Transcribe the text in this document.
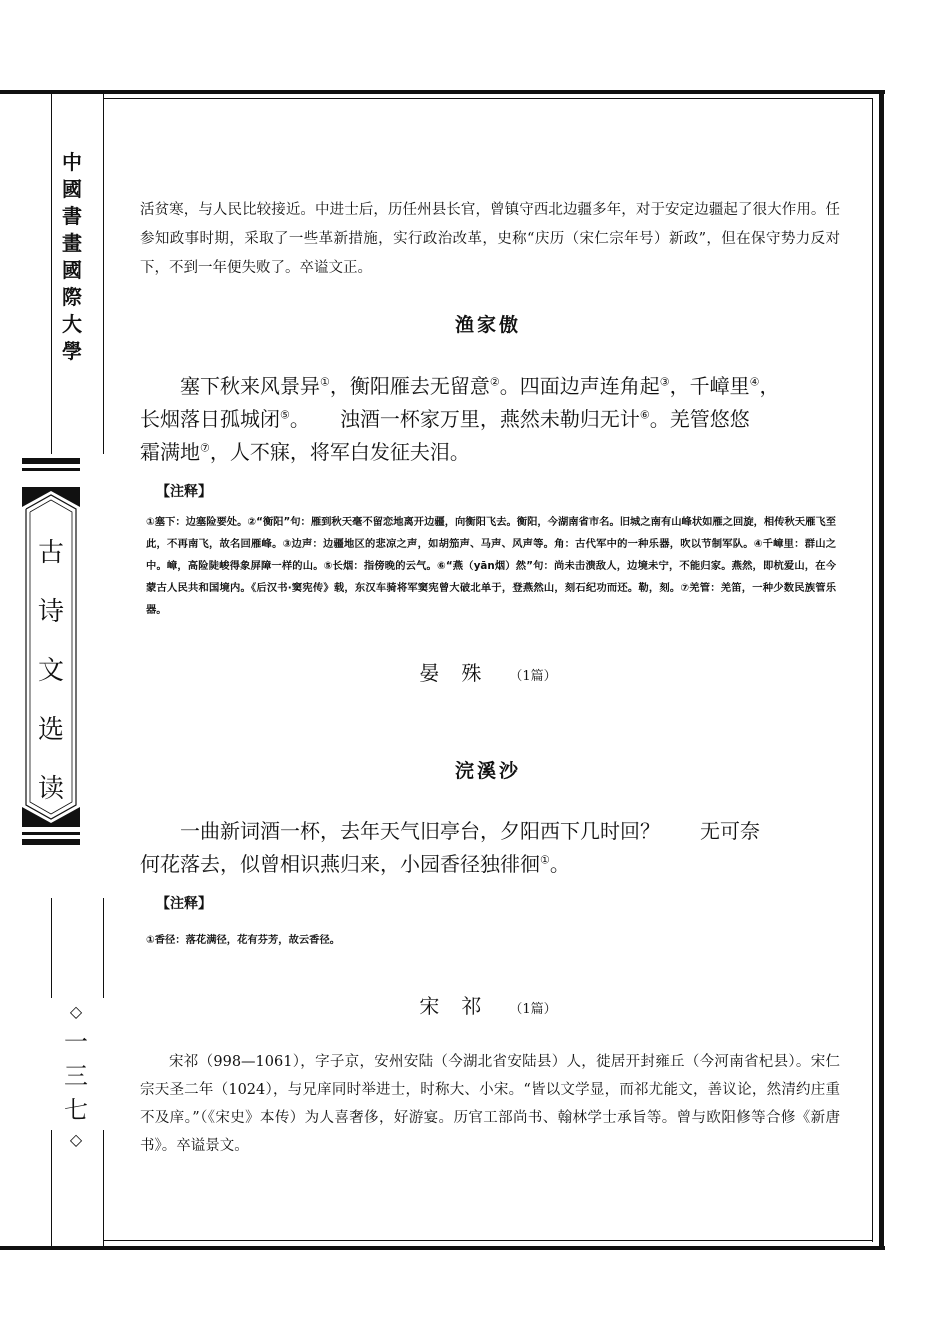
中
國
書
畫
國
際
大
學
古
诗
文
选
读
◇
一
三
七
◇

活贫寒，与人民比较接近。中进士后，历任州县长官，曾镇守西北边疆多年，对于安定边疆起了很大作用。任参知政事时期，采取了一些革新措施，实行政治改革，史称“庆历（宋仁宗年号）新政”，但在保守势力反对下，不到一年便失败了。卒谥文正。

渔家傲
塞下秋来风景异①，衡阳雁去无留意②。四面边声连角起③，千嶂里④，
长烟落日孤城闭⑤。　　浊酒一杯家万里，燕然未勒归无计⑥。羌管悠悠
霜满地⑦，人不寐，将军白发征夫泪。
【注释】

①塞下：边塞险要处。②“衡阳”句：雁到秋天毫不留恋地离开边疆，向衡阳飞去。衡阳，今湖南省市名。旧城之南有山峰状如雁之回旋，相传秋天雁飞至此，不再南飞，故名回雁峰。③边声：边疆地区的悲凉之声，如胡笳声、马声、风声等。角：古代军中的一种乐器，吹以节制军队。④千嶂里：群山之中。嶂，高险陡峻得象屏障一样的山。⑤长烟：指傍晚的云气。⑥“燕（yān烟）然”句：尚未击溃敌人，边境未宁，不能归家。燕然，即杭爱山，在今蒙古人民共和国境内。《后汉书·窦宪传》载，东汉车骑将军窦宪曾大破北单于，登燕然山，刻石纪功而还。勒，刻。⑦羌管：羌笛，一种少数民族管乐器。

晏殊 （1篇）
浣溪沙
一曲新词酒一杯，去年天气旧亭台，夕阳西下几时回？　　无可奈
何花落去，似曾相识燕归来，小园香径独徘徊①。
【注释】

①香径：落花满径，花有芬芳，故云香径。

宋祁 （1篇）

宋祁（998—1061），字子京，安州安陆（今湖北省安陆县）人，徙居开封雍丘（今河南省杞县）。宋仁宗天圣二年（1024），与兄庠同时举进士，时称大、小宋。“皆以文学显，而祁尤能文，善议论，然清约庄重不及庠。”（《宋史》本传）为人喜奢侈，好游宴。历官工部尚书、翰林学士承旨等。曾与欧阳修等合修《新唐书》。卒谥景文。
